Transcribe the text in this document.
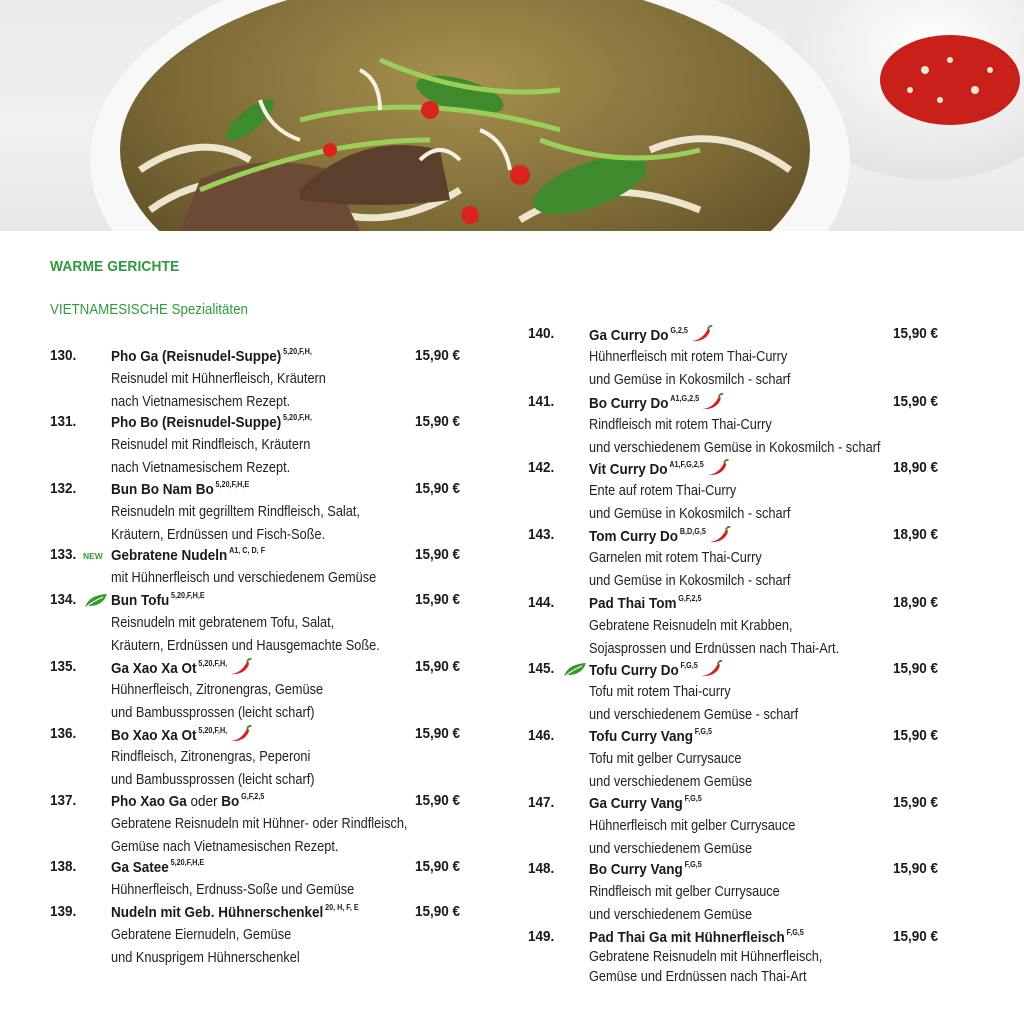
WARME GERICHTE
VIETNAMESISCHE Spezialitäten
130. Pho Ga (Reisnudel-Suppe) $^{5,20,F,H,}$	15,90 €
Reisnudel mit Hühnerfleisch, Kräutern
nach Vietnamesischem Rezept.
131. Pho Bo (Reisnudel-Suppe) $^{5,20,F,H,}$	15,90 €
Reisnudel mit Rindfleisch, Kräutern
nach Vietnamesischem Rezept.
132. Bun Bo Nam Bo $^{5,20,F,H,E}$	15,90 €
Reisnudeln mit gegrilltem Rindfleisch, Salat,
Kräutern, Erdnüssen und Fisch-Soße.
133. NEW Gebratene Nudeln $^{A1, C, D, F}$	15,90 €
mit Hühnerfleisch und verschiedenem Gemüse
134. Bun Tofu $^{5,20,F,H,E}$	15,90 €
Reisnudeln mit gebratenem Tofu, Salat,
Kräutern, Erdnüssen und Hausgemachte Soße.
135. Ga Xao Xa Ot $^{5,20,F,H,}$	15,90 €
Hühnerfleisch, Zitronengras, Gemüse
und Bambussprossen (leicht scharf)
136. Bo Xao Xa Ot $^{5,20,F,H,}$	15,90 €
Rindfleisch, Zitronengras, Peperoni
und Bambussprossen (leicht scharf)
137. Pho Xao Ga oder Bo $^{G,F,2,5}$	15,90 €
Gebratene Reisnudeln mit Hühner- oder Rindfleisch,
Gemüse nach Vietnamesischen Rezept.
138. Ga Satee $^{5,20,F,H,E}$	15,90 €
Hühnerfleisch, Erdnuss-Soße und Gemüse
139. Nudeln mit Geb. Hühnerschenkel $^{20, H, F, E}$	15,90 €
Gebratene Eiernudeln, Gemüse
und Knusprigem Hühnerschenkel
140. Ga Curry Do $^{G,2,5}$	15,90 €
Hühnerfleisch mit rotem Thai-Curry
und Gemüse in Kokosmilch - scharf
141. Bo Curry Do $^{A1,G,2,5}$	15,90 €
Rindfleisch mit rotem Thai-Curry
und verschiedenem Gemüse in Kokosmilch - scharf
142. Vit Curry Do $^{A1,F,G,2,5}$	18,90 €
Ente auf rotem Thai-Curry
und Gemüse in Kokosmilch - scharf
143. Tom Curry Do $^{B,D,G,5}$	18,90 €
Garnelen mit rotem Thai-Curry
und Gemüse in Kokosmilch - scharf
144. Pad Thai Tom $^{G,F,2,5}$	18,90 €
Gebratene Reisnudeln mit Krabben,
Sojasprossen und Erdnüssen nach Thai-Art.
145. Tofu Curry Do $^{F,G,5}$	15,90 €
Tofu mit rotem Thai-curry
und verschiedenem Gemüse - scharf
146. Tofu Curry Vang $^{F,G,5}$	15,90 €
Tofu mit gelber Currysauce
und verschiedenem Gemüse
147. Ga Curry Vang $^{F,G,5}$	15,90 €
Hühnerfleisch mit gelber Currysauce
und verschiedenem Gemüse
148. Bo Curry Vang $^{F,G,5}$	15,90 €
Rindfleisch mit gelber Currysauce
und verschiedenem Gemüse
149. Pad Thai Ga mit Hühnerfleisch $^{F,G,5}$	15,90 €
Gebratene Reisnudeln mit Hühnerfleisch,
Gemüse und Erdnüssen nach Thai-Art
